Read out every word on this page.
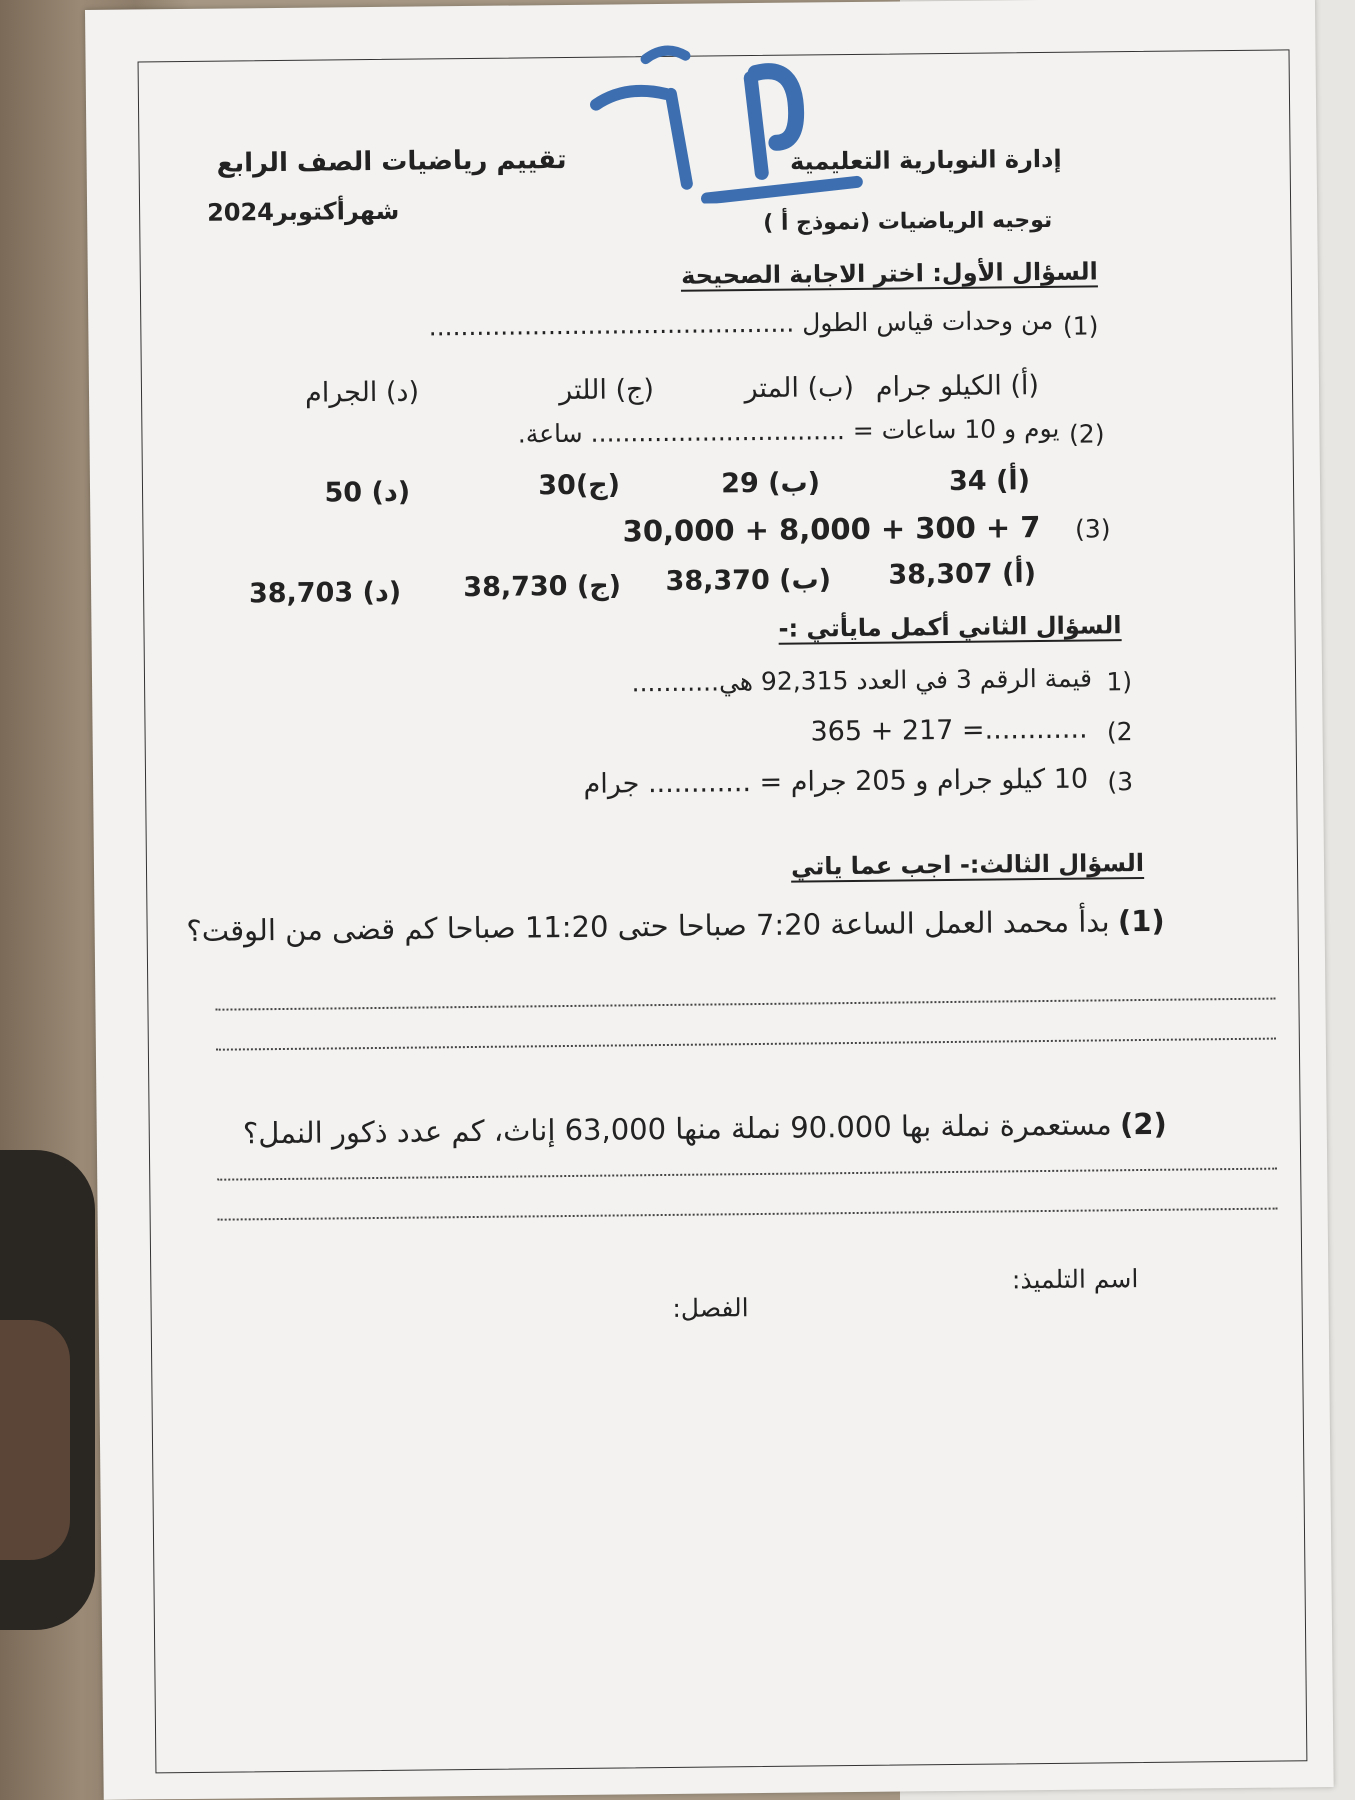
إدارة النوبارية التعليمية
توجيه الرياضيات (نموذج أ )
تقييم رياضيات الصف الرابع
شهرأكتوبر2024
السؤال الأول: اختر الاجابة الصحيحة
(1)
من وحدات قياس الطول ..............................................
(أ) الكيلو جرام
(ب) المتر
(ج) اللتر
(د) الجرام
(2)
يوم و 10 ساعات = ................................ ساعة.
(أ) 34
(ب) 29
(ج)30
(د) 50
(3)
30,000 + 8,000 + 300 + 7
(أ) 38,307
(ب) 38,370
(ج) 38,730
(د) 38,703
السؤال الثاني أكمل مايأتي :-
1)
قيمة الرقم 3 في العدد 92,315 هي...........
(2
365 + 217 =............
(3
10 كيلو جرام و 205 جرام = ............ جرام
السؤال الثالث:- اجب عما ياتي
(1)
بدأ محمد العمل الساعة 7:20 صباحا حتى 11:20 صباحا كم قضى من الوقت؟
(2)
مستعمرة نملة بها 90.000 نملة منها 63,000 إناث، كم عدد ذكور النمل؟
اسم التلميذ:
الفصل:
